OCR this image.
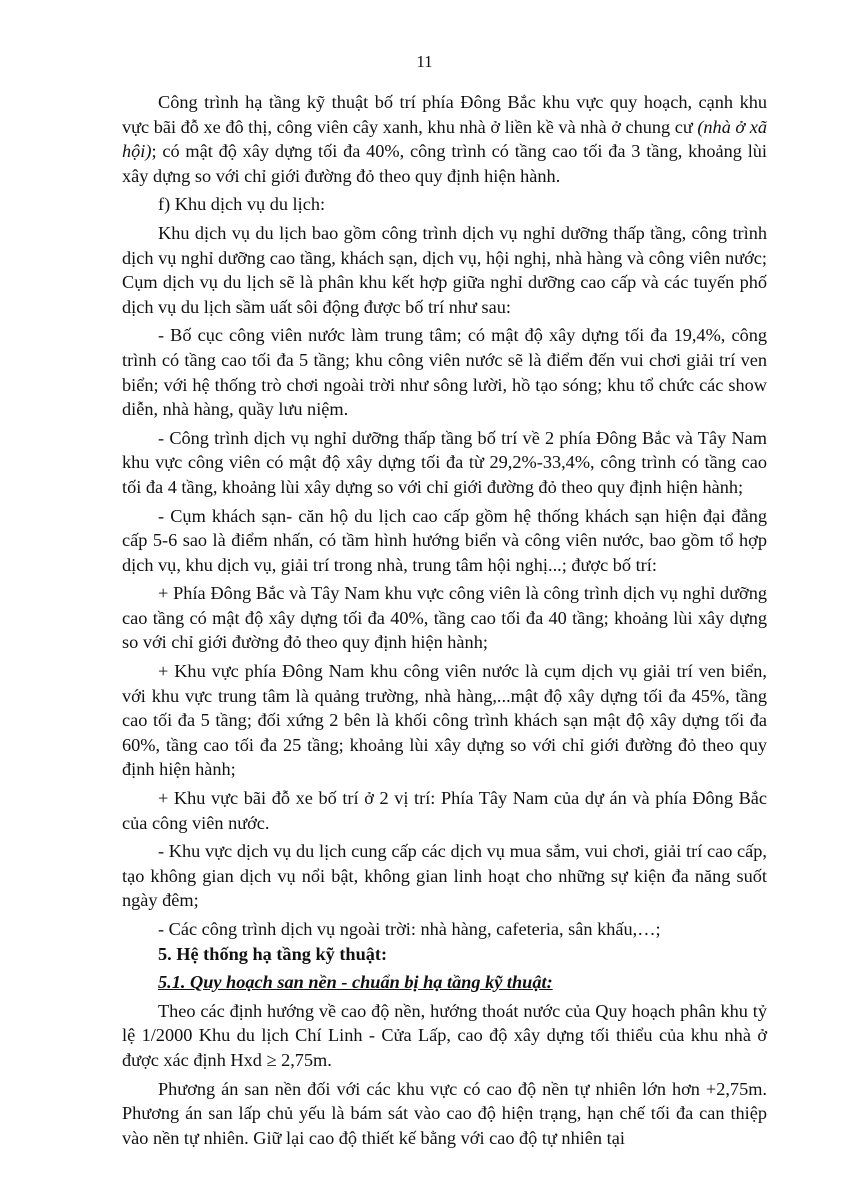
11

Công trình hạ tầng kỹ thuật bố trí phía Đông Bắc khu vực quy hoạch, cạnh khu vực bãi đỗ xe đô thị, công viên cây xanh, khu nhà ở liền kề và nhà ở chung cư (nhà ở xã hội); có mật độ xây dựng tối đa 40%, công trình có tầng cao tối đa 3 tầng, khoảng lùi xây dựng so với chỉ giới đường đỏ theo quy định hiện hành.

f) Khu dịch vụ du lịch:

Khu dịch vụ du lịch bao gồm công trình dịch vụ nghỉ dưỡng thấp tầng, công trình dịch vụ nghỉ dưỡng cao tầng, khách sạn, dịch vụ, hội nghị, nhà hàng và công viên nước; Cụm dịch vụ du lịch sẽ là phân khu kết hợp giữa nghỉ dưỡng cao cấp và các tuyến phố dịch vụ du lịch sầm uất sôi động được bố trí như sau:

- Bố cục công viên nước làm trung tâm; có mật độ xây dựng tối đa 19,4%, công trình có tầng cao tối đa 5 tầng; khu công viên nước sẽ là điểm đến vui chơi giải trí ven biển; với hệ thống trò chơi ngoài trời như sông lười, hồ tạo sóng; khu tổ chức các show diễn, nhà hàng, quầy lưu niệm.

- Công trình dịch vụ nghỉ dưỡng thấp tầng bố trí về 2 phía Đông Bắc và Tây Nam khu vực công viên có mật độ xây dựng tối đa từ 29,2%-33,4%, công trình có tầng cao tối đa 4 tầng, khoảng lùi xây dựng so với chỉ giới đường đỏ theo quy định hiện hành;

- Cụm khách sạn- căn hộ du lịch cao cấp gồm hệ thống khách sạn hiện đại đẳng cấp 5-6 sao là điểm nhấn, có tầm hình hướng biển và công viên nước, bao gồm tổ hợp dịch vụ, khu dịch vụ, giải trí trong nhà, trung tâm hội nghị...; được bố trí:

+ Phía Đông Bắc và Tây Nam khu vực công viên là công trình dịch vụ nghỉ dưỡng cao tầng có mật độ xây dựng tối đa 40%, tầng cao tối đa 40 tầng; khoảng lùi xây dựng so với chỉ giới đường đỏ theo quy định hiện hành;

+ Khu vực phía Đông Nam khu công viên nước là cụm dịch vụ giải trí ven biển, với khu vực trung tâm là quảng trường, nhà hàng,...mật độ xây dựng tối đa 45%, tầng cao tối đa 5 tầng; đối xứng 2 bên là khối công trình khách sạn mật độ xây dựng tối đa 60%, tầng cao tối đa 25 tầng; khoảng lùi xây dựng so với chỉ giới đường đỏ theo quy định hiện hành;

+ Khu vực bãi đỗ xe bố trí ở 2 vị trí: Phía Tây Nam của dự án và phía Đông Bắc của công viên nước.

- Khu vực dịch vụ du lịch cung cấp các dịch vụ mua sắm, vui chơi, giải trí cao cấp, tạo không gian dịch vụ nổi bật, không gian linh hoạt cho những sự kiện đa năng suốt ngày đêm;

- Các công trình dịch vụ ngoài trời: nhà hàng, cafeteria, sân khấu,…;

5. Hệ thống hạ tầng kỹ thuật:

5.1. Quy hoạch san nền - chuẩn bị hạ tầng kỹ thuật:

Theo các định hướng về cao độ nền, hướng thoát nước của Quy hoạch phân khu tỷ lệ 1/2000 Khu du lịch Chí Linh - Cửa Lấp, cao độ xây dựng tối thiểu của khu nhà ở được xác định Hxd ≥ 2,75m.

Phương án san nền đối với các khu vực có cao độ nền tự nhiên lớn hơn +2,75m. Phương án san lấp chủ yếu là bám sát vào cao độ hiện trạng, hạn chế tối đa can thiệp vào nền tự nhiên. Giữ lại cao độ thiết kế bằng với cao độ tự nhiên tại
